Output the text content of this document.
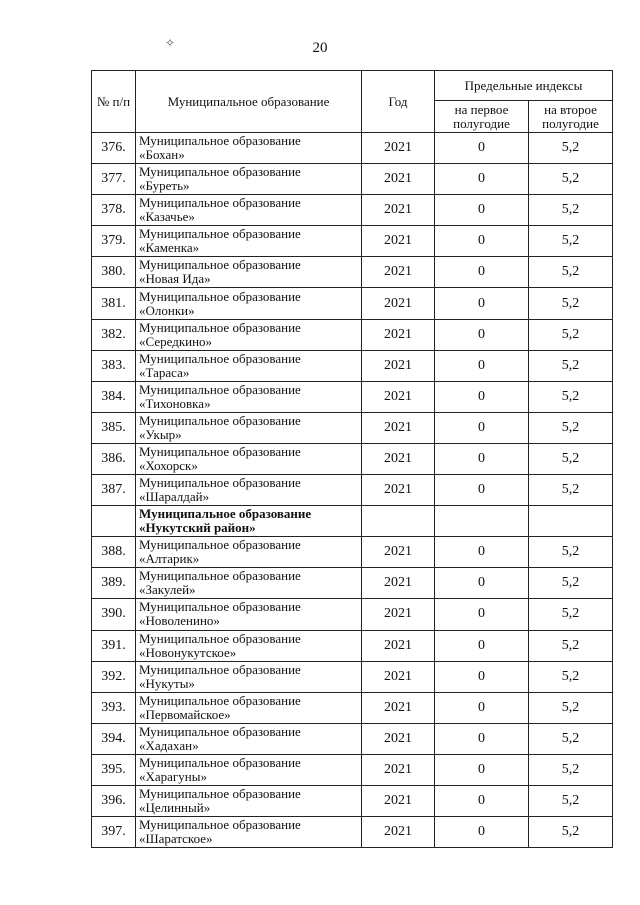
✧	20
№ п/п	Муниципальное образование	Год	Предельные индексы	
			на первое полугодие	на второе полугодие
376.	Муниципальное образование
«Бохан»	2021	0	5,2
377.	Муниципальное образование
«Буреть»	2021	0	5,2
378.	Муниципальное образование
«Казачье»	2021	0	5,2
379.	Муниципальное образование
«Каменка»	2021	0	5,2
380.	Муниципальное образование
«Новая Ида»	2021	0	5,2
381.	Муниципальное образование
«Олонки»	2021	0	5,2
382.	Муниципальное образование
«Середкино»	2021	0	5,2
383.	Муниципальное образование
«Тараса»	2021	0	5,2
384.	Муниципальное образование
«Тихоновка»	2021	0	5,2
385.	Муниципальное образование
«Укыр»	2021	0	5,2
386.	Муниципальное образование
«Хохорск»	2021	0	5,2
387.	Муниципальное образование
«Шаралдай»	2021	0	5,2

	Муниципальное образование
«Нукутский район»			

388.	Муниципальное образование
«Алтарик»	2021	0	5,2
389.	Муниципальное образование
«Закулей»	2021	0	5,2
390.	Муниципальное образование
«Новоленино»	2021	0	5,2
391.	Муниципальное образование
«Новонукутское»	2021	0	5,2
392.	Муниципальное образование
«Нукуты»	2021	0	5,2
393.	Муниципальное образование
«Первомайское»	2021	0	5,2
394.	Муниципальное образование
«Хадахан»	2021	0	5,2
395.	Муниципальное образование
«Харагуны»	2021	0	5,2
396.	Муниципальное образование
«Целинный»	2021	0	5,2
397.	Муниципальное образование
«Шаратское»	2021	0	5,2
